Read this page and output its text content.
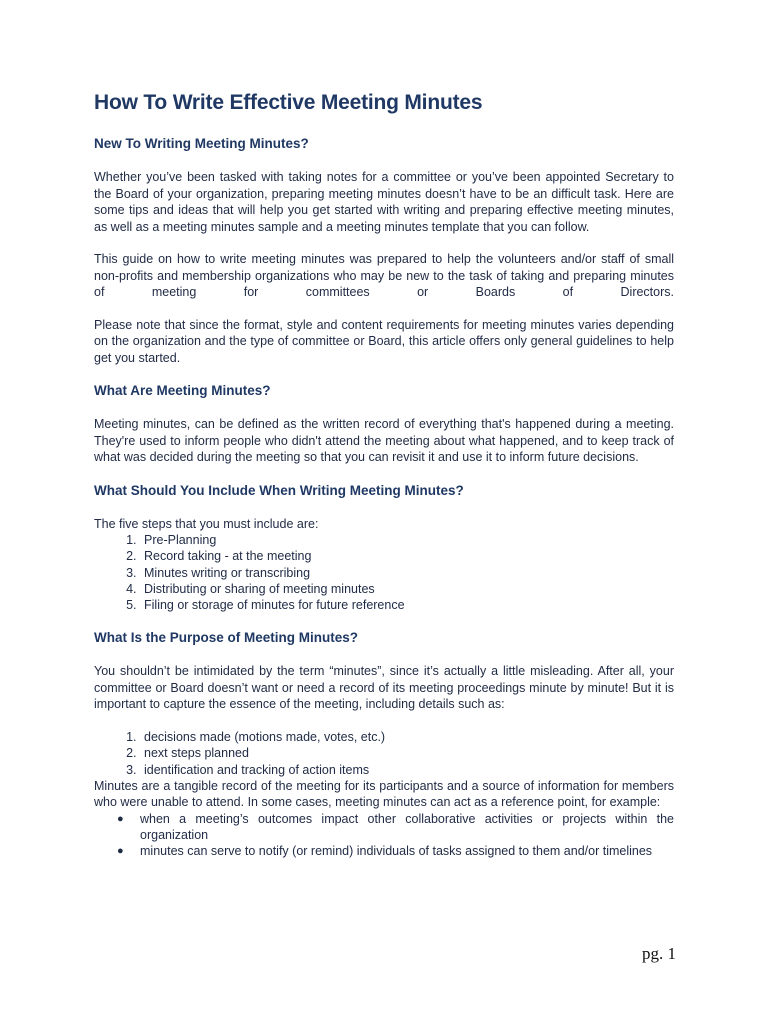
How To Write Effective Meeting Minutes
New To Writing Meeting Minutes?

Whether you’ve been tasked with taking notes for a committee or you’ve been appointed Secretary to the Board of your organization, preparing meeting minutes doesn’t have to be an difficult task. Here are some tips and ideas that will help you get started with writing and preparing effective meeting minutes, as well as a meeting minutes sample and a meeting minutes template that you can follow.

This guide on how to write meeting minutes was prepared to help the volunteers and/or staff of small non-profits and membership organizations who may be new to the task of taking and preparing minutes of meeting for committees or Boards of Directors.

Please note that since the format, style and content requirements for meeting minutes varies depending on the organization and the type of committee or Board, this article offers only general guidelines to help get you started.

What Are Meeting Minutes?

Meeting minutes, can be defined as the written record of everything that's happened during a meeting. They're used to inform people who didn't attend the meeting about what happened, and to keep track of what was decided during the meeting so that you can revisit it and use it to inform future decisions.

What Should You Include When Writing Meeting Minutes?

The five steps that you must include are:

1. Pre-Planning
2. Record taking - at the meeting
3. Minutes writing or transcribing
4. Distributing or sharing of meeting minutes
5. Filing or storage of minutes for future reference
What Is the Purpose of Meeting Minutes?

You shouldn’t be intimidated by the term “minutes”, since it’s actually a little misleading. After all, your committee or Board doesn’t want or need a record of its meeting proceedings minute by minute! But it is important to capture the essence of the meeting, including details such as:

1. decisions made (motions made, votes, etc.)
2. next steps planned
3. identification and tracking of action items

Minutes are a tangible record of the meeting for its participants and a source of information for members who were unable to attend. In some cases, meeting minutes can act as a reference point, for example:

● when a meeting’s outcomes impact other collaborative activities or projects within the organization
● minutes can serve to notify (or remind) individuals of tasks assigned to them and/or timelines
pg. 1
